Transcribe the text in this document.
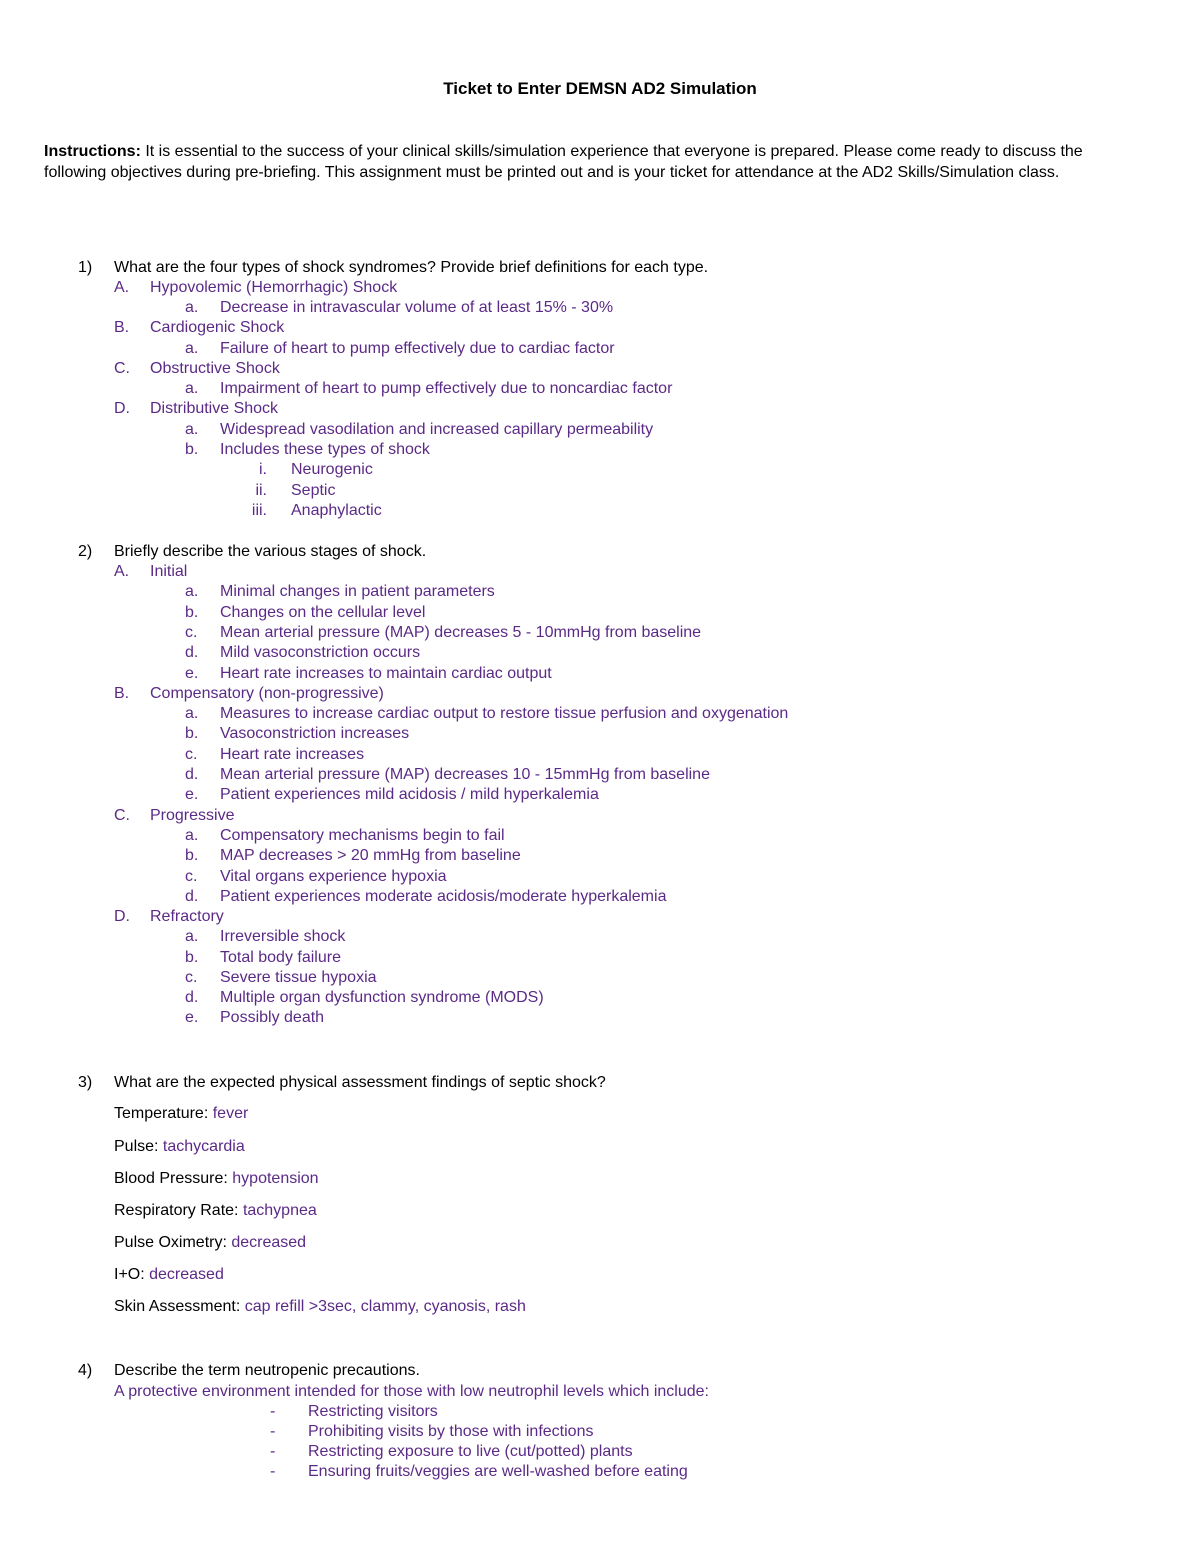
Ticket to Enter DEMSN AD2 Simulation
Instructions: It is essential to the success of your clinical skills/simulation experience that everyone is prepared. Please come ready to discuss the following objectives during pre-briefing. This assignment must be printed out and is your ticket for attendance at the AD2 Skills/Simulation class.
1) What are the four types of shock syndromes? Provide brief definitions for each type.
A. Hypovolemic (Hemorrhagic) Shock
a. Decrease in intravascular volume of at least 15% - 30%
B. Cardiogenic Shock
a. Failure of heart to pump effectively due to cardiac factor
C. Obstructive Shock
a. Impairment of heart to pump effectively due to noncardiac factor
D. Distributive Shock
a. Widespread vasodilation and increased capillary permeability
b. Includes these types of shock
i. Neurogenic
ii. Septic
iii. Anaphylactic
2) Briefly describe the various stages of shock.
A. Initial
a. Minimal changes in patient parameters
b. Changes on the cellular level
c. Mean arterial pressure (MAP) decreases 5 - 10mmHg from baseline
d. Mild vasoconstriction occurs
e. Heart rate increases to maintain cardiac output
B. Compensatory (non-progressive)
a. Measures to increase cardiac output to restore tissue perfusion and oxygenation
b. Vasoconstriction increases
c. Heart rate increases
d. Mean arterial pressure (MAP) decreases 10 - 15mmHg from baseline
e. Patient experiences mild acidosis / mild hyperkalemia
C. Progressive
a. Compensatory mechanisms begin to fail
b. MAP decreases > 20 mmHg from baseline
c. Vital organs experience hypoxia
d. Patient experiences moderate acidosis/moderate hyperkalemia
D. Refractory
a. Irreversible shock
b. Total body failure
c. Severe tissue hypoxia
d. Multiple organ dysfunction syndrome (MODS)
e. Possibly death
3) What are the expected physical assessment findings of septic shock?
Temperature: fever
Pulse: tachycardia
Blood Pressure: hypotension
Respiratory Rate: tachypnea
Pulse Oximetry: decreased
I+O: decreased
Skin Assessment: cap refill >3sec, clammy, cyanosis, rash
4) Describe the term neutropenic precautions.
A protective environment intended for those with low neutrophil levels which include:
- Restricting visitors
- Prohibiting visits by those with infections
- Restricting exposure to live (cut/potted) plants
- Ensuring fruits/veggies are well-washed before eating
